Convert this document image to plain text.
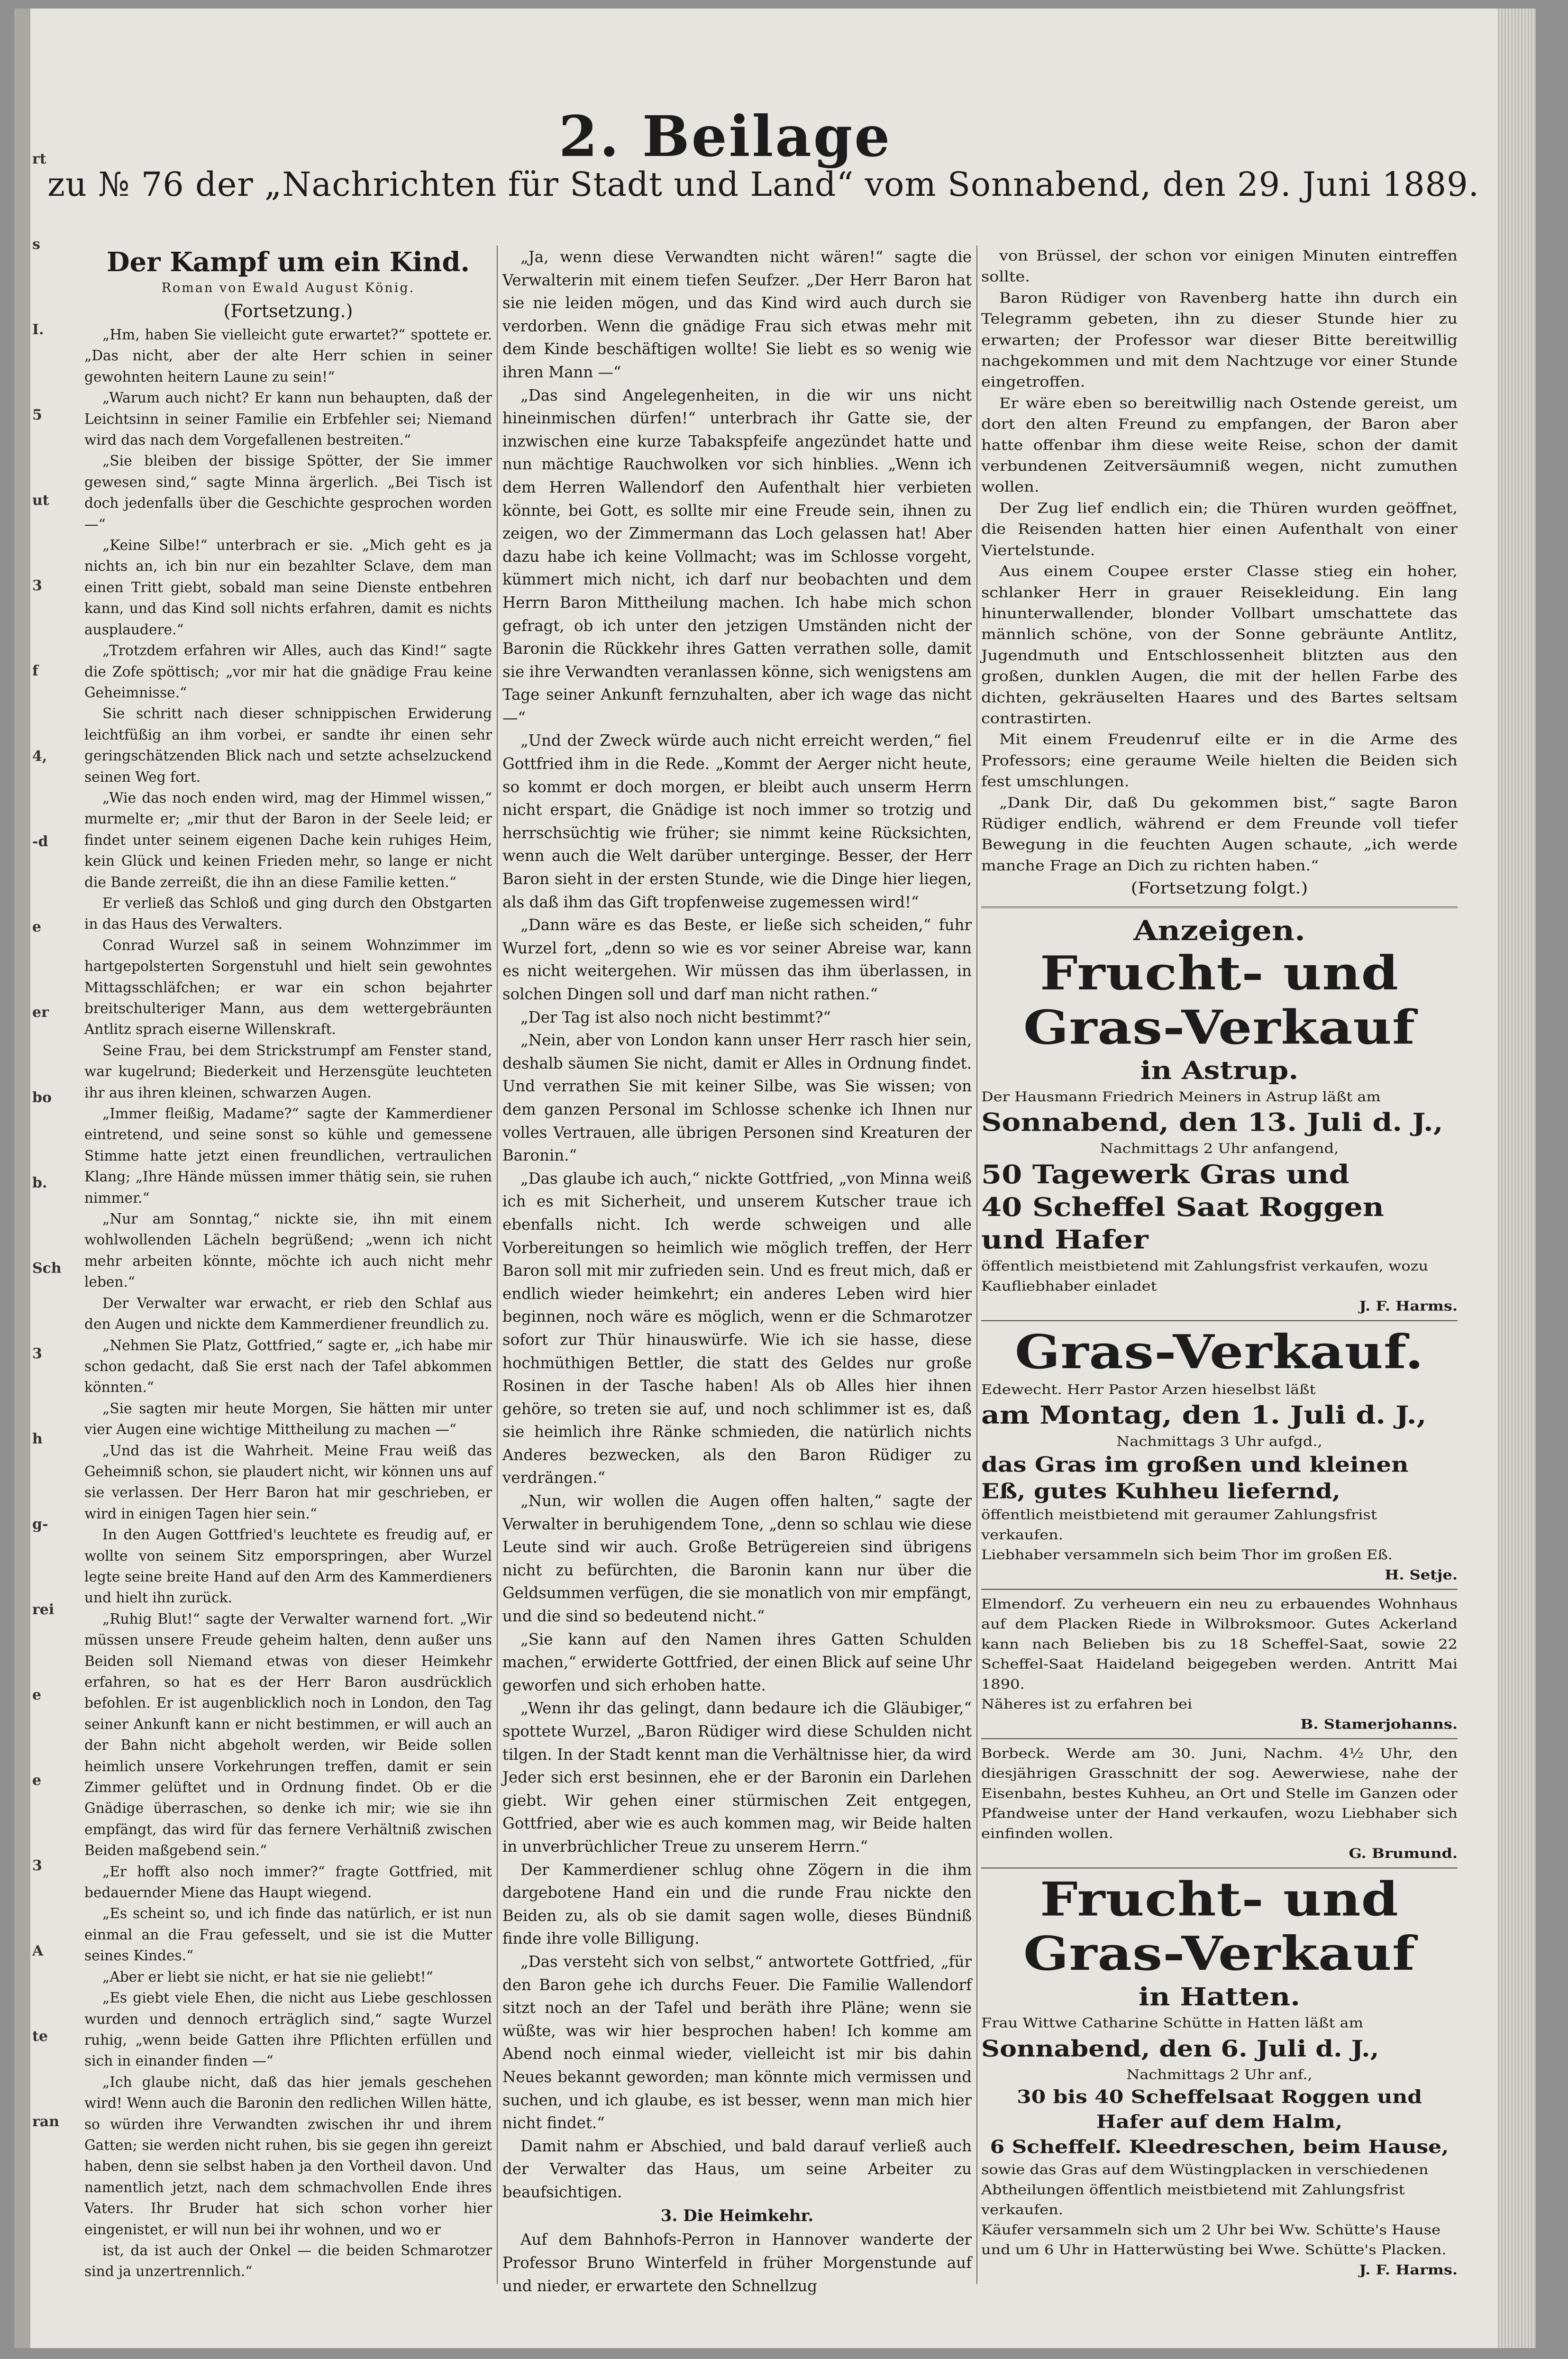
rt
s
I.
5
ut
3
f
4,
-d
e
er
bo
b.
Sch
3
h
g-
rei
e
e
3
A
te
ran
2. Beilage
zu № 76 der „Nachrichten für Stadt und Land“ vom Sonnabend, den 29. Juni 1889.
Der Kampf um ein Kind.
Roman von Ewald August König.
(Fortsetzung.)

„Hm, haben Sie vielleicht gute erwartet?“ spottete er. „Das nicht, aber der alte Herr schien in seiner gewohnten heitern Laune zu sein!“

„Warum auch nicht? Er kann nun behaupten, daß der Leichtsinn in seiner Familie ein Erbfehler sei; Niemand wird das nach dem Vorgefallenen bestreiten.“

„Sie bleiben der bissige Spötter, der Sie immer gewesen sind,“ sagte Minna ärgerlich. „Bei Tisch ist doch jedenfalls über die Geschichte gesprochen worden —“

„Keine Silbe!“ unterbrach er sie. „Mich geht es ja nichts an, ich bin nur ein bezahlter Sclave, dem man einen Tritt giebt, sobald man seine Dienste entbehren kann, und das Kind soll nichts erfahren, damit es nichts ausplaudere.“

„Trotzdem erfahren wir Alles, auch das Kind!“ sagte die Zofe spöttisch; „vor mir hat die gnädige Frau keine Geheimnisse.“

Sie schritt nach dieser schnippischen Erwiderung leichtfüßig an ihm vorbei, er sandte ihr einen sehr geringschätzenden Blick nach und setzte achselzuckend seinen Weg fort.

„Wie das noch enden wird, mag der Himmel wissen,“ murmelte er; „mir thut der Baron in der Seele leid; er findet unter seinem eigenen Dache kein ruhiges Heim, kein Glück und keinen Frieden mehr, so lange er nicht die Bande zerreißt, die ihn an diese Familie ketten.“

Er verließ das Schloß und ging durch den Obstgarten in das Haus des Verwalters.

Conrad Wurzel saß in seinem Wohnzimmer im hartgepolsterten Sorgenstuhl und hielt sein gewohntes Mittagsschläfchen; er war ein schon bejahrter breitschulteriger Mann, aus dem wettergebräunten Antlitz sprach eiserne Willenskraft.

Seine Frau, bei dem Strickstrumpf am Fenster stand, war kugelrund; Biederkeit und Herzensgüte leuchteten ihr aus ihren kleinen, schwarzen Augen.

„Immer fleißig, Madame?“ sagte der Kammerdiener eintretend, und seine sonst so kühle und gemessene Stimme hatte jetzt einen freundlichen, vertraulichen Klang; „Ihre Hände müssen immer thätig sein, sie ruhen nimmer.“

„Nur am Sonntag,“ nickte sie, ihn mit einem wohlwollenden Lächeln begrüßend; „wenn ich nicht mehr arbeiten könnte, möchte ich auch nicht mehr leben.“

Der Verwalter war erwacht, er rieb den Schlaf aus den Augen und nickte dem Kammerdiener freundlich zu.

„Nehmen Sie Platz, Gottfried,“ sagte er, „ich habe mir schon gedacht, daß Sie erst nach der Tafel abkommen könnten.“

„Sie sagten mir heute Morgen, Sie hätten mir unter vier Augen eine wichtige Mittheilung zu machen —“

„Und das ist die Wahrheit. Meine Frau weiß das Geheimniß schon, sie plaudert nicht, wir können uns auf sie verlassen. Der Herr Baron hat mir geschrieben, er wird in einigen Tagen hier sein.“

In den Augen Gottfried's leuchtete es freudig auf, er wollte von seinem Sitz emporspringen, aber Wurzel legte seine breite Hand auf den Arm des Kammerdieners und hielt ihn zurück.

„Ruhig Blut!“ sagte der Verwalter warnend fort. „Wir müssen unsere Freude geheim halten, denn außer uns Beiden soll Niemand etwas von dieser Heimkehr erfahren, so hat es der Herr Baron ausdrücklich befohlen. Er ist augenblicklich noch in London, den Tag seiner Ankunft kann er nicht bestimmen, er will auch an der Bahn nicht abgeholt werden, wir Beide sollen heimlich unsere Vorkehrungen treffen, damit er sein Zimmer gelüftet und in Ordnung findet. Ob er die Gnädige überraschen, so denke ich mir; wie sie ihn empfängt, das wird für das fernere Verhältniß zwischen Beiden maßgebend sein.“

„Er hofft also noch immer?“ fragte Gottfried, mit bedauernder Miene das Haupt wiegend.

„Es scheint so, und ich finde das natürlich, er ist nun einmal an die Frau gefesselt, und sie ist die Mutter seines Kindes.“

„Aber er liebt sie nicht, er hat sie nie geliebt!“

„Es giebt viele Ehen, die nicht aus Liebe geschlossen wurden und dennoch erträglich sind,“ sagte Wurzel ruhig, „wenn beide Gatten ihre Pflichten erfüllen und sich in einander finden —“

„Ich glaube nicht, daß das hier jemals geschehen wird! Wenn auch die Baronin den redlichen Willen hätte, so würden ihre Verwandten zwischen ihr und ihrem Gatten; sie werden nicht ruhen, bis sie gegen ihn gereizt haben, denn sie selbst haben ja den Vortheil davon. Und namentlich jetzt, nach dem schmachvollen Ende ihres Vaters. Ihr Bruder hat sich schon vorher hier eingenistet, er will nun bei ihr wohnen, und wo er

ist, da ist auch der Onkel — die beiden Schmarotzer sind ja unzertrennlich.“

„Ja, wenn diese Verwandten nicht wären!“ sagte die Verwalterin mit einem tiefen Seufzer. „Der Herr Baron hat sie nie leiden mögen, und das Kind wird auch durch sie verdorben. Wenn die gnädige Frau sich etwas mehr mit dem Kinde beschäftigen wollte! Sie liebt es so wenig wie ihren Mann —“

„Das sind Angelegenheiten, in die wir uns nicht hineinmischen dürfen!“ unterbrach ihr Gatte sie, der inzwischen eine kurze Tabakspfeife angezündet hatte und nun mächtige Rauchwolken vor sich hinblies. „Wenn ich dem Herren Wallendorf den Aufenthalt hier verbieten könnte, bei Gott, es sollte mir eine Freude sein, ihnen zu zeigen, wo der Zimmermann das Loch gelassen hat! Aber dazu habe ich keine Vollmacht; was im Schlosse vorgeht, kümmert mich nicht, ich darf nur beobachten und dem Herrn Baron Mittheilung machen. Ich habe mich schon gefragt, ob ich unter den jetzigen Umständen nicht der Baronin die Rückkehr ihres Gatten verrathen solle, damit sie ihre Verwandten veranlassen könne, sich wenigstens am Tage seiner Ankunft fernzuhalten, aber ich wage das nicht —“

„Und der Zweck würde auch nicht erreicht werden,“ fiel Gottfried ihm in die Rede. „Kommt der Aerger nicht heute, so kommt er doch morgen, er bleibt auch unserm Herrn nicht erspart, die Gnädige ist noch immer so trotzig und herrschsüchtig wie früher; sie nimmt keine Rücksichten, wenn auch die Welt darüber untergingе. Besser, der Herr Baron sieht in der ersten Stunde, wie die Dinge hier liegen, als daß ihm das Gift tropfenweise zugemessen wird!“

„Dann wäre es das Beste, er ließe sich scheiden,“ fuhr Wurzel fort, „denn so wie es vor seiner Abreise war, kann es nicht weitergehen. Wir müssen das ihm überlassen, in solchen Dingen soll und darf man nicht rathen.“

„Der Tag ist also noch nicht bestimmt?“

„Nein, aber von London kann unser Herr rasch hier sein, deshalb säumen Sie nicht, damit er Alles in Ordnung findet. Und verrathen Sie mit keiner Silbe, was Sie wissen; von dem ganzen Personal im Schlosse schenke ich Ihnen nur volles Vertrauen, alle übrigen Personen sind Kreaturen der Baronin.“

„Das glaube ich auch,“ nickte Gottfried, „von Minna weiß ich es mit Sicherheit, und unserem Kutscher traue ich ebenfalls nicht. Ich werde schweigen und alle Vorbereitungen so heimlich wie möglich treffen, der Herr Baron soll mit mir zufrieden sein. Und es freut mich, daß er endlich wieder heimkehrt; ein anderes Leben wird hier beginnen, noch wäre es möglich, wenn er die Schmarotzer sofort zur Thür hinauswürfe. Wie ich sie hasse, diese hochmüthigen Bettler, die statt des Geldes nur große Rosinen in der Tasche haben! Als ob Alles hier ihnen gehöre, so treten sie auf, und noch schlimmer ist es, daß sie heimlich ihre Ränke schmieden, die natürlich nichts Anderes bezwecken, als den Baron Rüdiger zu verdrängen.“

„Nun, wir wollen die Augen offen halten,“ sagte der Verwalter in beruhigendem Tone, „denn so schlau wie diese Leute sind wir auch. Große Betrügereien sind übrigens nicht zu befürchten, die Baronin kann nur über die Geldsummen verfügen, die sie monatlich von mir empfängt, und die sind so bedeutend nicht.“

„Sie kann auf den Namen ihres Gatten Schulden machen,“ erwiderte Gottfried, der einen Blick auf seine Uhr geworfen und sich erhoben hatte.

„Wenn ihr das gelingt, dann bedaure ich die Gläubiger,“ spottete Wurzel, „Baron Rüdiger wird diese Schulden nicht tilgen. In der Stadt kennt man die Verhältnisse hier, da wird Jeder sich erst besinnen, ehe er der Baronin ein Darlehen giebt. Wir gehen einer stürmischen Zeit entgegen, Gottfried, aber wie es auch kommen mag, wir Beide halten in unverbrüchlicher Treue zu unserem Herrn.“

Der Kammerdiener schlug ohne Zögern in die ihm dargebotene Hand ein und die runde Frau nickte den Beiden zu, als ob sie damit sagen wolle, dieses Bündniß finde ihre volle Billigung.

„Das versteht sich von selbst,“ antwortete Gottfried, „für den Baron gehe ich durchs Feuer. Die Familie Wallendorf sitzt noch an der Tafel und beräth ihre Pläne; wenn sie wüßte, was wir hier besprochen haben! Ich komme am Abend noch einmal wieder, vielleicht ist mir bis dahin Neues bekannt geworden; man könnte mich vermissen und suchen, und ich glaube, es ist besser, wenn man mich hier nicht findet.“

Damit nahm er Abschied, und bald darauf verließ auch der Verwalter das Haus, um seine Arbeiter zu beaufsichtigen.

3. Die Heimkehr.

Auf dem Bahnhofs-Perron in Hannover wanderte der Professor Bruno Winterfeld in früher Morgenstunde auf und nieder, er erwartete den Schnellzug

von Brüssel, der schon vor einigen Minuten eintreffen sollte.

Baron Rüdiger von Ravenberg hatte ihn durch ein Telegramm gebeten, ihn zu dieser Stunde hier zu erwarten; der Professor war dieser Bitte bereitwillig nachgekommen und mit dem Nachtzuge vor einer Stunde eingetroffen.

Er wäre eben so bereitwillig nach Ostende gereist, um dort den alten Freund zu empfangen, der Baron aber hatte offenbar ihm diese weite Reise, schon der damit verbundenen Zeitversäumniß wegen, nicht zumuthen wollen.

Der Zug lief endlich ein; die Thüren wurden geöffnet, die Reisenden hatten hier einen Aufenthalt von einer Viertelstunde.

Aus einem Coupee erster Classe stieg ein hoher, schlanker Herr in grauer Reisekleidung. Ein lang hinunterwallender, blonder Vollbart umschattete das männlich schöne, von der Sonne gebräunte Antlitz, Jugendmuth und Entschlossenheit blitzten aus den großen, dunklen Augen, die mit der hellen Farbe des dichten, gekräuselten Haares und des Bartes seltsam contrastirten.

Mit einem Freudenruf eilte er in die Arme des Professors; eine geraume Weile hielten die Beiden sich fest umschlungen.

„Dank Dir, daß Du gekommen bist,“ sagte Baron Rüdiger endlich, während er dem Freunde voll tiefer Bewegung in die feuchten Augen schaute, „ich werde manche Frage an Dich zu richten haben.“

(Fortsetzung folgt.)
Anzeigen.
Frucht- und Gras-Verkauf
in Astrup.
Der Hausmann Friedrich Meiners in Astrup läßt am
Sonnabend, den 13. Juli d. J.,
Nachmittags 2 Uhr anfangend,
50 Tagewerk Gras und
40 Scheffel Saat Roggen
und Hafer
öffentlich meistbietend mit Zahlungsfrist verkaufen, wozu Kaufliebhaber einladet
J. F. Harms.
Gras-Verkauf.
Edewecht. Herr Pastor Arzen hieselbst läßt
am Montag, den 1. Juli d. J.,
Nachmittags 3 Uhr aufgd.,
das Gras im großen und kleinen
Eß, gutes Kuhheu liefernd,
öffentlich meistbietend mit geraumer Zahlungsfrist verkaufen.
Liebhaber versammeln sich beim Thor im großen Eß.
H. Setje.
Elmendorf. Zu verheuern ein neu zu erbauendes Wohnhaus auf dem Placken Riede in Wilbroksmoor. Gutes Ackerland kann nach Belieben bis zu 18 Scheffel-Saat, sowie 22 Scheffel-Saat Haideland beigegeben werden. Antritt Mai 1890.
Näheres ist zu erfahren bei
B. Stamerjohanns.
Borbeck. Werde am 30. Juni, Nachm. 4½ Uhr, den diesjährigen Grasschnitt der sog. Aewerwiese, nahe der Eisenbahn, bestes Kuhheu, an Ort und Stelle im Ganzen oder Pfandweise unter der Hand verkaufen, wozu Liebhaber sich einfinden wollen.
G. Brumund.
Frucht- und Gras-Verkauf
in Hatten.
Frau Wittwe Catharine Schütte in Hatten läßt am
Sonnabend, den 6. Juli d. J.,
Nachmittags 2 Uhr anf.,
30 bis 40 Scheffelsaat Roggen und
Hafer auf dem Halm,
6 Scheffelf. Kleedreschen, beim Hause,
sowie das Gras auf dem Wüstingplacken in verschiedenen Abtheilungen öffentlich meistbietend mit Zahlungsfrist verkaufen.
Käufer versammeln sich um 2 Uhr bei Ww. Schütte's Hause und um 6 Uhr in Hatterwüsting bei Wwe. Schütte's Placken.
J. F. Harms.
